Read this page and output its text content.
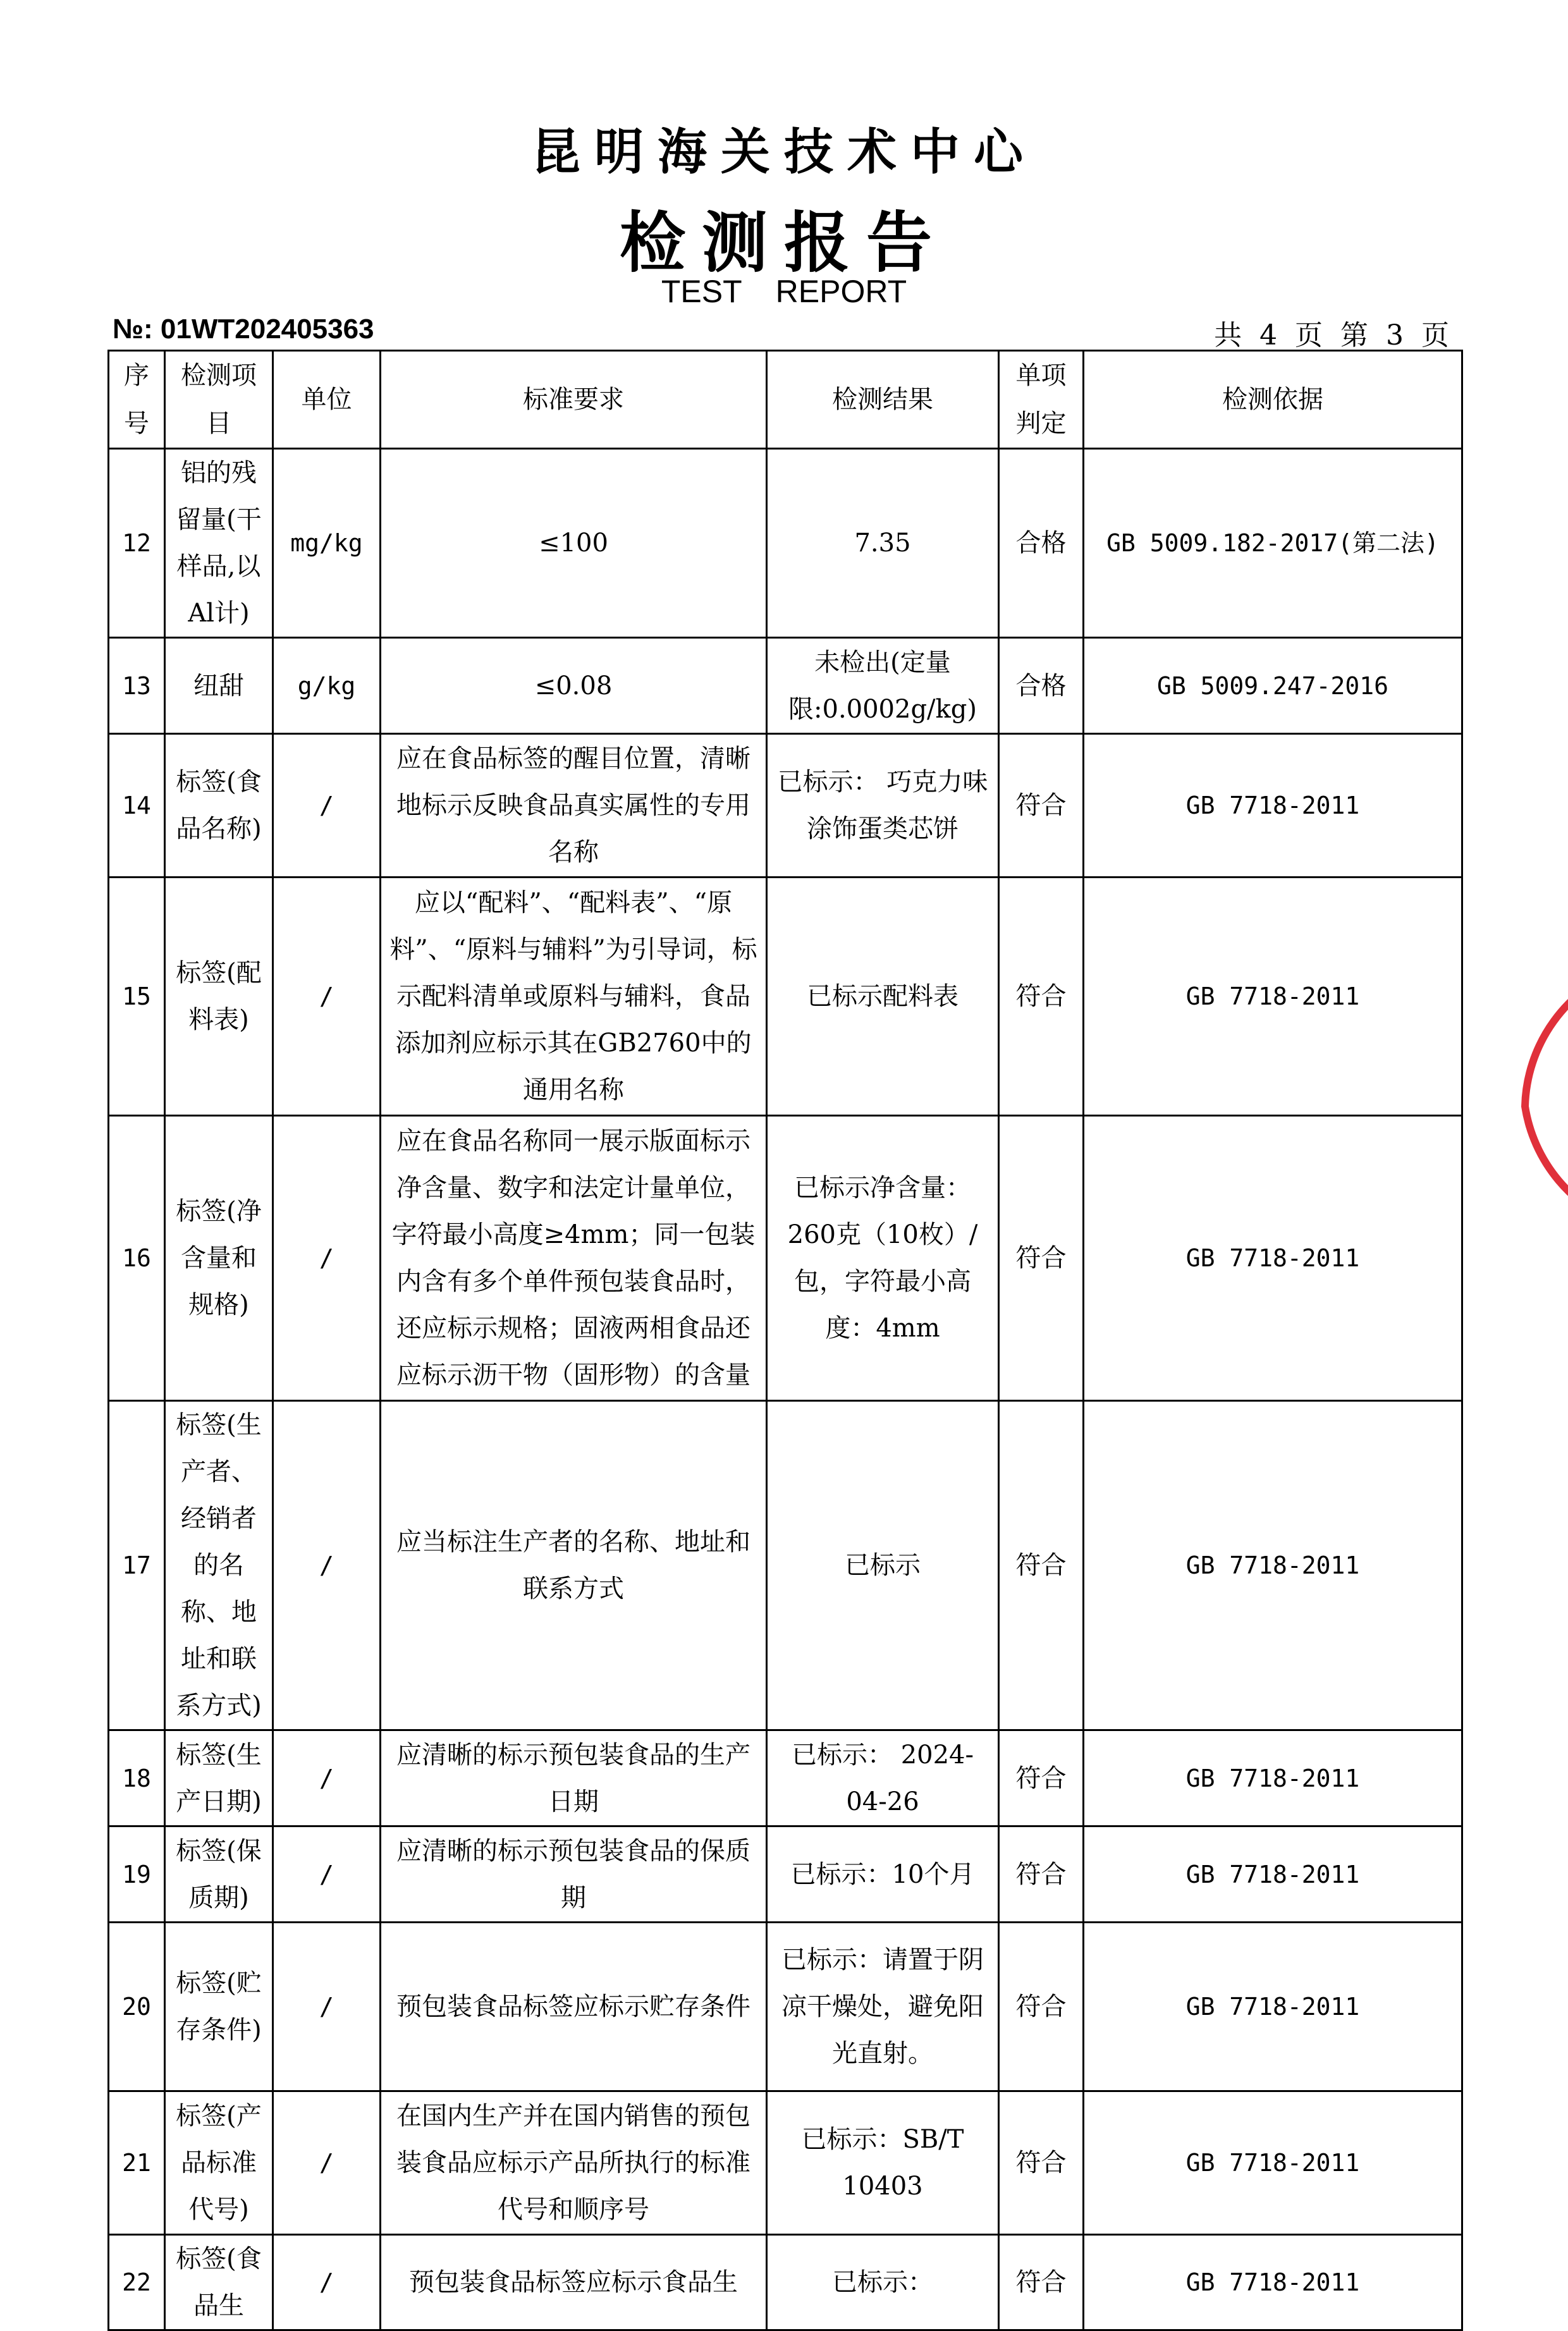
昆明海关技术中心
检测报告
TEST REPORT
№: 01WT202405363	共 4 页 第 3 页
序号	检测项目	单位	标准要求	检测结果	单项判定	检测依据
12	铝的残留量(干样品,以Al计)	mg/kg	≤100	7.35	合格	GB 5009.182-2017(第二法)
13	纽甜	g/kg	≤0.08	未检出(定量限:0.0002g/kg)	合格	GB 5009.247-2016
14	标签(食品名称)	/	应在食品标签的醒目位置，清晰地标示反映食品真实属性的专用名称	已标示： 巧克力味涂饰蛋类芯饼	符合	GB 7718-2011
15	标签(配料表)	/	应以“配料”、“配料表”、“原料”、“原料与辅料”为引导词，标示配料清单或原料与辅料，食品添加剂应标示其在GB2760中的通用名称	已标示配料表	符合	GB 7718-2011
16	标签(净含量和规格)	/	应在食品名称同一展示版面标示净含量、数字和法定计量单位，字符最小高度≥4mm；同一包装内含有多个单件预包装食品时，还应标示规格；固液两相食品还应标示沥干物（固形物）的含量	已标示净含量：260克（10枚）/包，字符最小高度：4mm	符合	GB 7718-2011
17	标签(生产者、经销者的名称、地址和联系方式)	/	应当标注生产者的名称、地址和联系方式	已标示	符合	GB 7718-2011
18	标签(生产日期)	/	应清晰的标示预包装食品的生产日期	已标示： 2024-04-26	符合	GB 7718-2011
19	标签(保质期)	/	应清晰的标示预包装食品的保质期	已标示：10个月	符合	GB 7718-2011
20	标签(贮存条件)	/	预包装食品标签应标示贮存条件	已标示：请置于阴凉干燥处，避免阳光直射。	符合	GB 7718-2011
21	标签(产品标准代号)	/	在国内生产并在国内销售的预包装食品应标示产品所执行的标准代号和顺序号	已标示：SB/T 10403	符合	GB 7718-2011
22	标签(食品生	/	预包装食品标签应标示食品生	已标示：	符合	GB 7718-2011
